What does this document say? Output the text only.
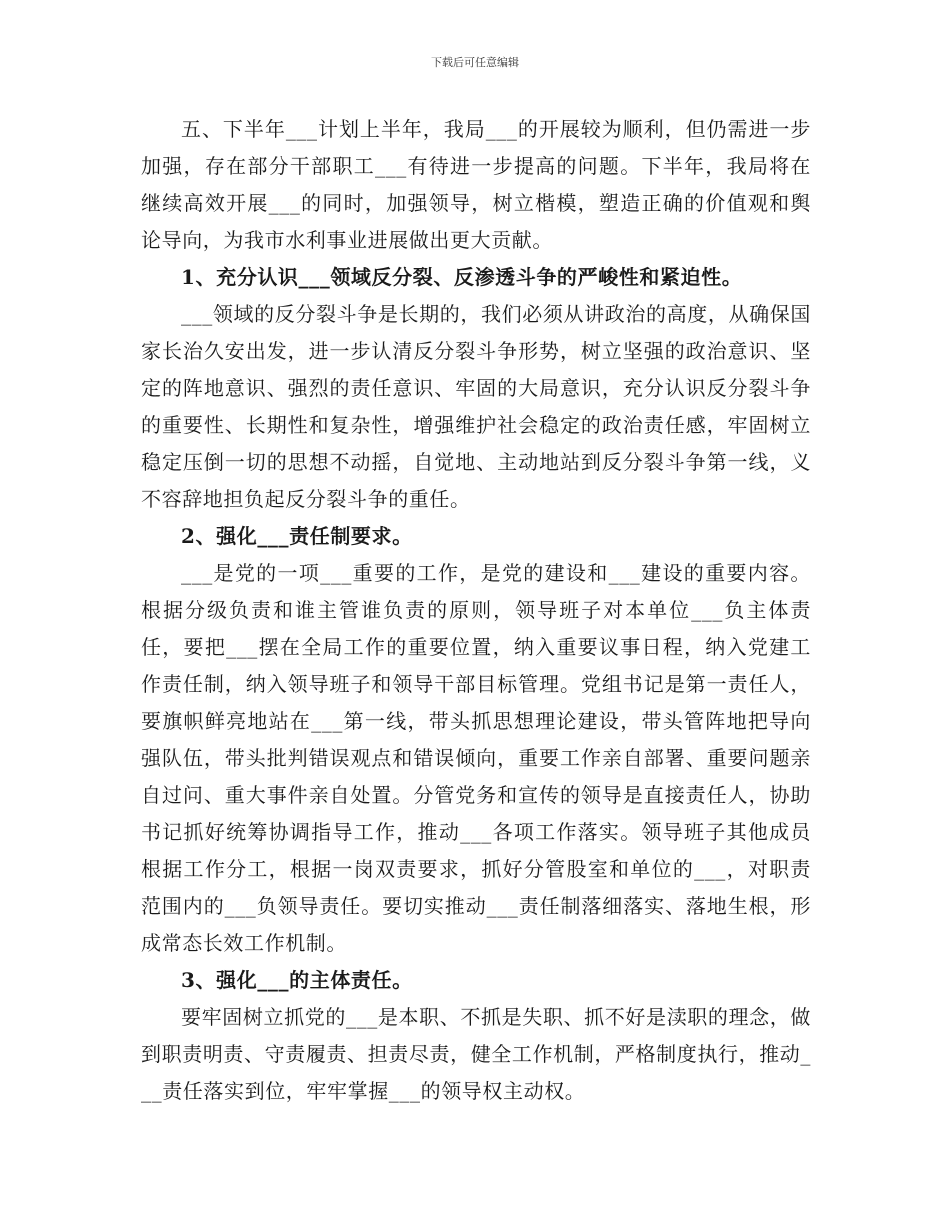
下载后可任意编辑

五、下半年___计划上半年，我局___的开展较为顺利，但仍需进一步加强，存在部分干部职工___有待进一步提高的问题。下半年，我局将在继续高效开展___的同时，加强领导，树立楷模，塑造正确的价值观和舆论导向，为我市水利事业进展做出更大贡献。

1、充分认识___领域反分裂、反渗透斗争的严峻性和紧迫性。

___领域的反分裂斗争是长期的，我们必须从讲政治的高度，从确保国家长治久安出发，进一步认清反分裂斗争形势，树立坚强的政治意识、坚定的阵地意识、强烈的责任意识、牢固的大局意识，充分认识反分裂斗争的重要性、长期性和复杂性，增强维护社会稳定的政治责任感，牢固树立稳定压倒一切的思想不动摇，自觉地、主动地站到反分裂斗争第一线，义不容辞地担负起反分裂斗争的重任。

2、强化___责任制要求。

___是党的一项___重要的工作，是党的建设和___建设的重要内容。根据分级负责和谁主管谁负责的原则，领导班子对本单位___负主体责任，要把___摆在全局工作的重要位置，纳入重要议事日程，纳入党建工作责任制，纳入领导班子和领导干部目标管理。党组书记是第一责任人，要旗帜鲜亮地站在___第一线，带头抓思想理论建设，带头管阵地把导向强队伍，带头批判错误观点和错误倾向，重要工作亲自部署、重要问题亲自过问、重大事件亲自处置。分管党务和宣传的领导是直接责任人，协助书记抓好统筹协调指导工作，推动___各项工作落实。领导班子其他成员根据工作分工，根据一岗双责要求，抓好分管股室和单位的___，对职责范围内的___负领导责任。要切实推动___责任制落细落实、落地生根，形成常态长效工作机制。

3、强化___的主体责任。

要牢固树立抓党的___是本职、不抓是失职、抓不好是渎职的理念，做到职责明责、守责履责、担责尽责，健全工作机制，严格制度执行，推动___责任落实到位，牢牢掌握___的领导权主动权。
